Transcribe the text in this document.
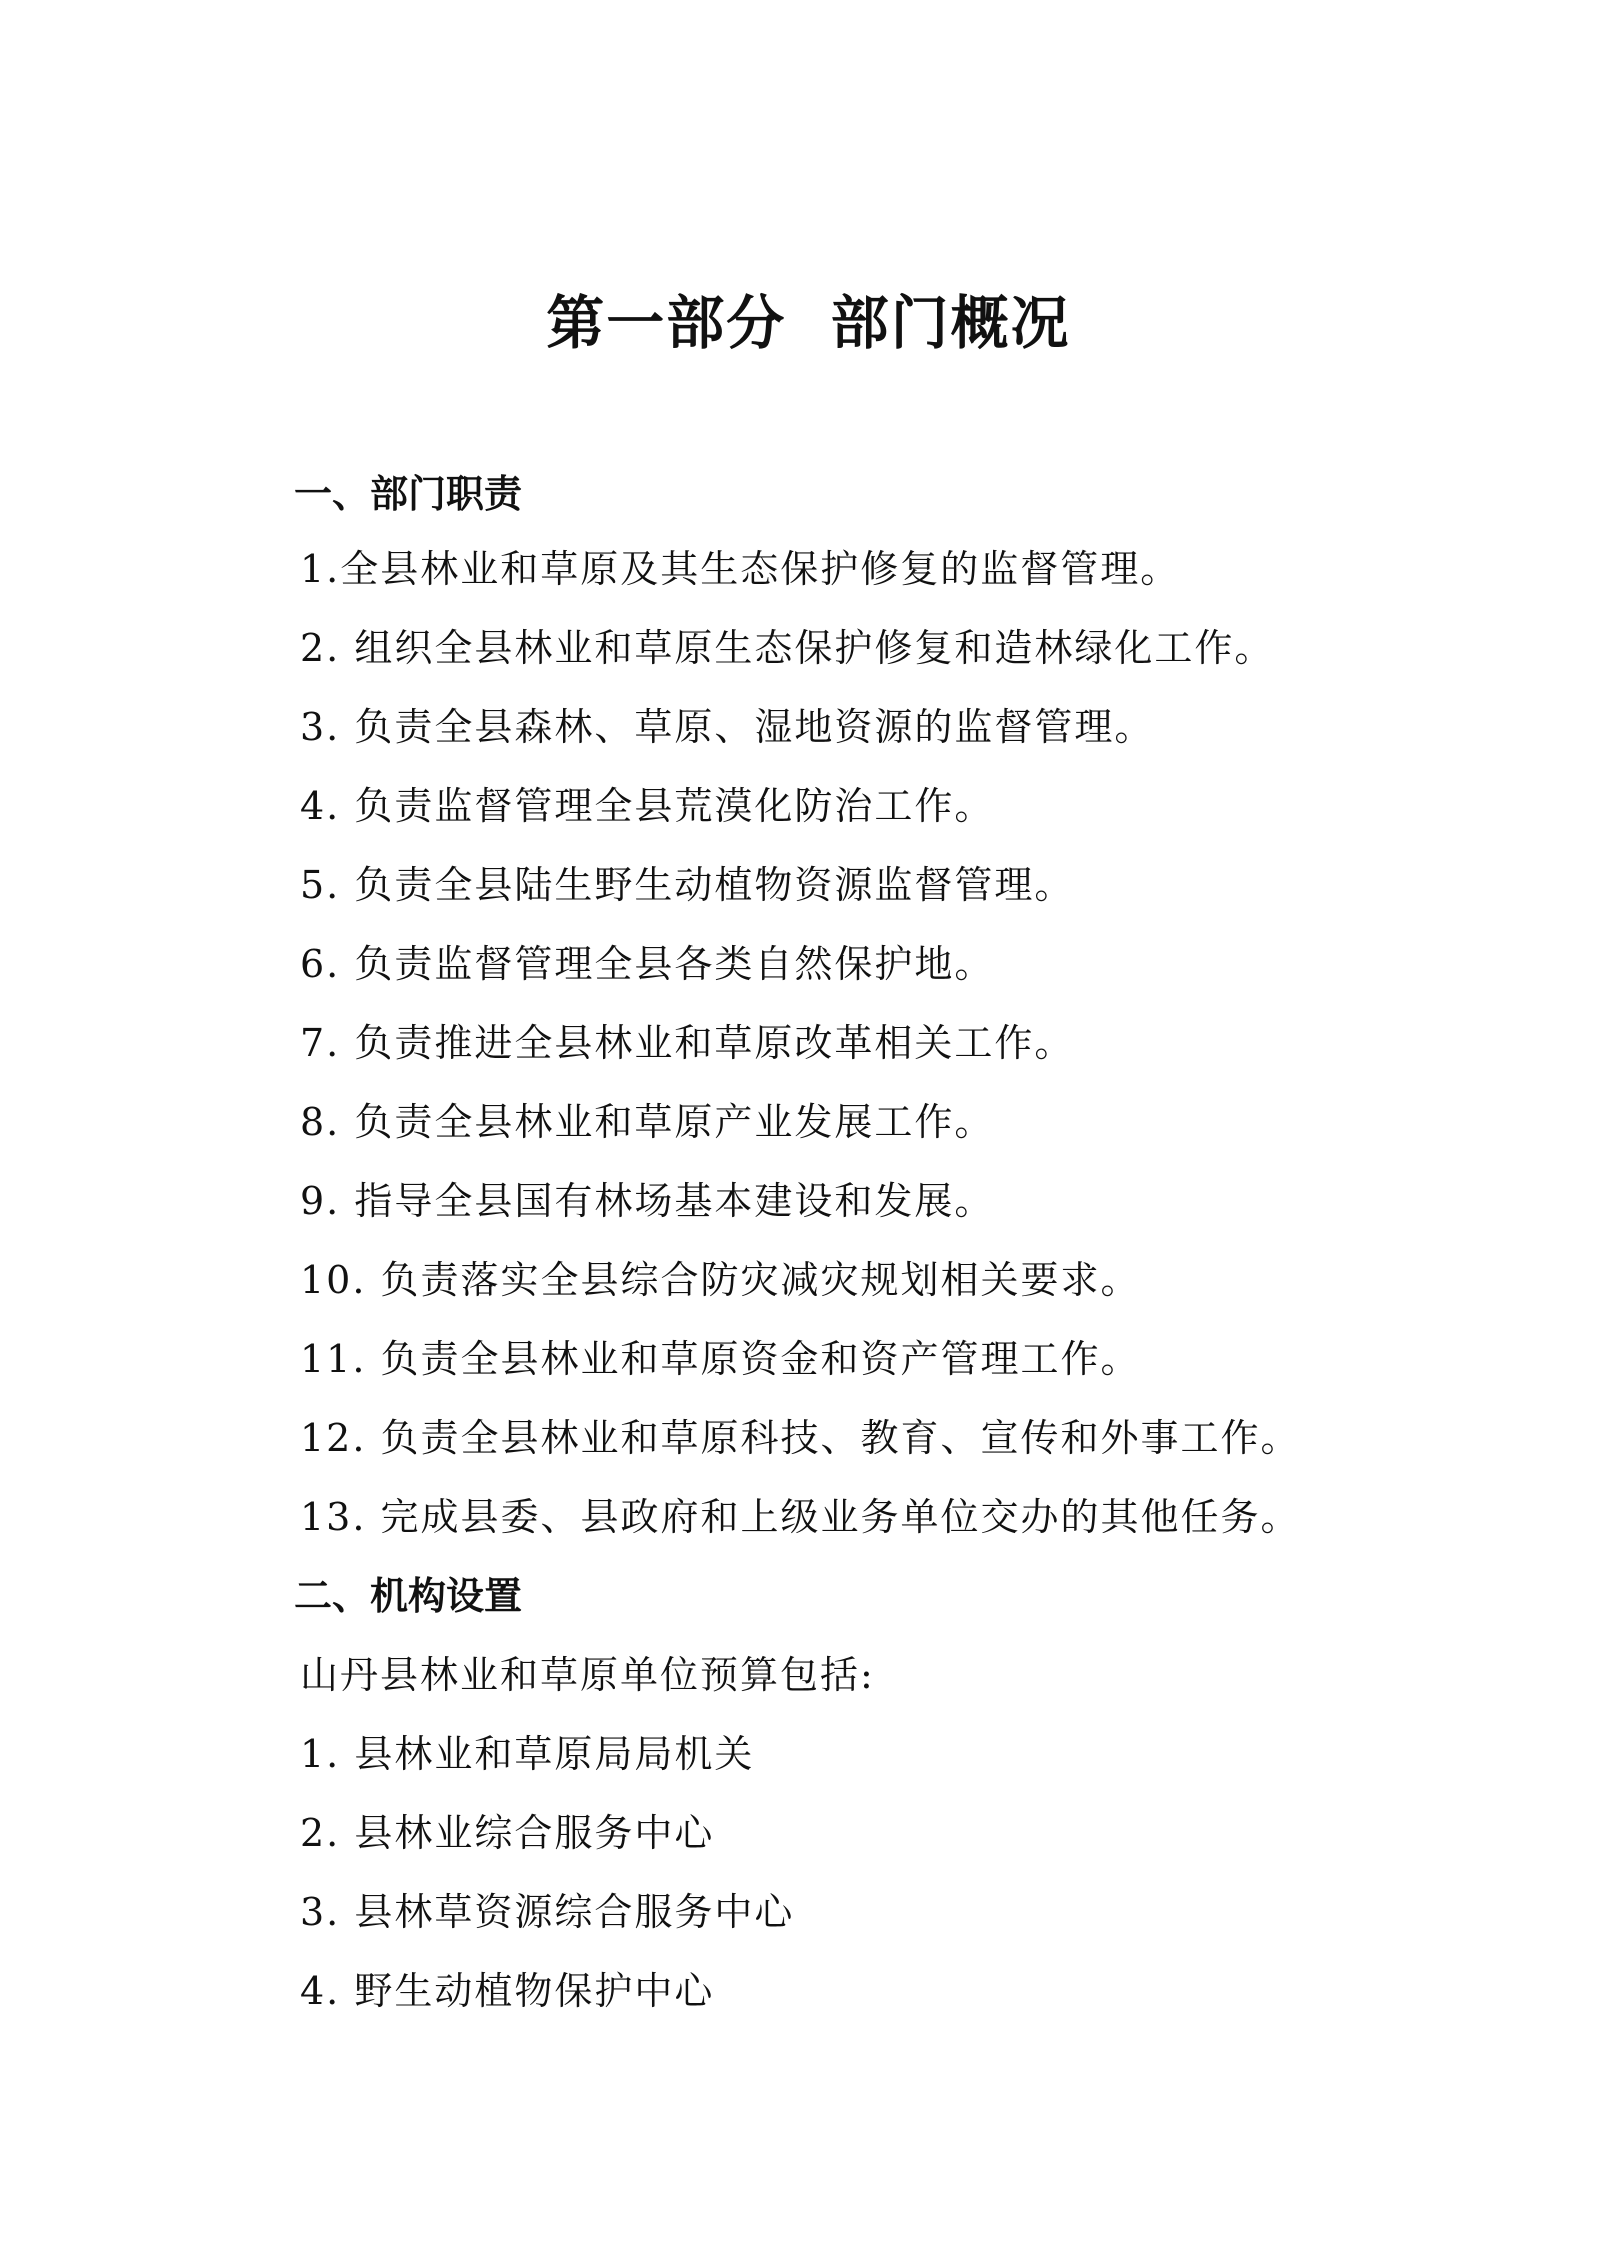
第一部分  部门概况
一、部门职责
1.全县林业和草原及其生态保护修复的监督管理。
2. 组织全县林业和草原生态保护修复和造林绿化工作。
3. 负责全县森林、草原、湿地资源的监督管理。
4. 负责监督管理全县荒漠化防治工作。
5. 负责全县陆生野生动植物资源监督管理。
6. 负责监督管理全县各类自然保护地。
7. 负责推进全县林业和草原改革相关工作。
8. 负责全县林业和草原产业发展工作。
9. 指导全县国有林场基本建设和发展。
10. 负责落实全县综合防灾减灾规划相关要求。
11. 负责全县林业和草原资金和资产管理工作。
12. 负责全县林业和草原科技、教育、宣传和外事工作。
13. 完成县委、县政府和上级业务单位交办的其他任务。
二、机构设置
山丹县林业和草原单位预算包括:
1. 县林业和草原局局机关
2. 县林业综合服务中心
3. 县林草资源综合服务中心
4. 野生动植物保护中心
